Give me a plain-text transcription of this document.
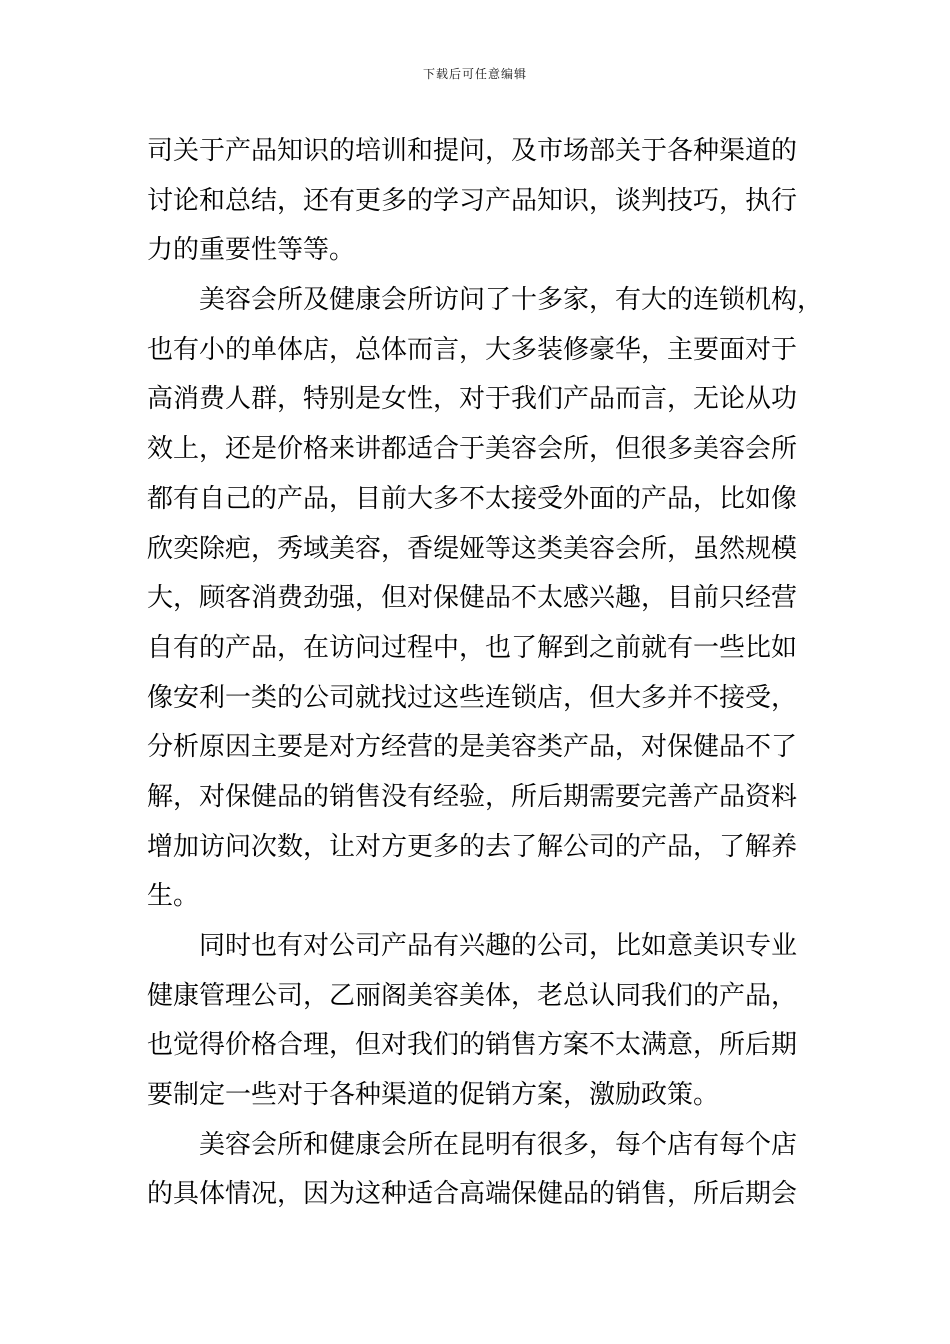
下载后可任意编辑
司关于产品知识的培训和提问，及市场部关于各种渠道的
讨论和总结，还有更多的学习产品知识，谈判技巧，执行
力的重要性等等。
美容会所及健康会所访问了十多家，有大的连锁机构，
也有小的单体店，总体而言，大多装修豪华，主要面对于
高消费人群，特别是女性，对于我们产品而言，无论从功
效上，还是价格来讲都适合于美容会所，但很多美容会所
都有自己的产品，目前大多不太接受外面的产品，比如像
欣奕除疤，秀域美容，香缇娅等这类美容会所，虽然规模
大，顾客消费劲强，但对保健品不太感兴趣，目前只经营
自有的产品，在访问过程中，也了解到之前就有一些比如
像安利一类的公司就找过这些连锁店，但大多并不接受，
分析原因主要是对方经营的是美容类产品，对保健品不了
解，对保健品的销售没有经验，所后期需要完善产品资料
增加访问次数，让对方更多的去了解公司的产品，了解养
生。
同时也有对公司产品有兴趣的公司，比如意美识专业
健康管理公司，乙丽阁美容美体，老总认同我们的产品，
也觉得价格合理，但对我们的销售方案不太满意，所后期
要制定一些对于各种渠道的促销方案，激励政策。
美容会所和健康会所在昆明有很多，每个店有每个店
的具体情况，因为这种适合高端保健品的销售，所后期会
